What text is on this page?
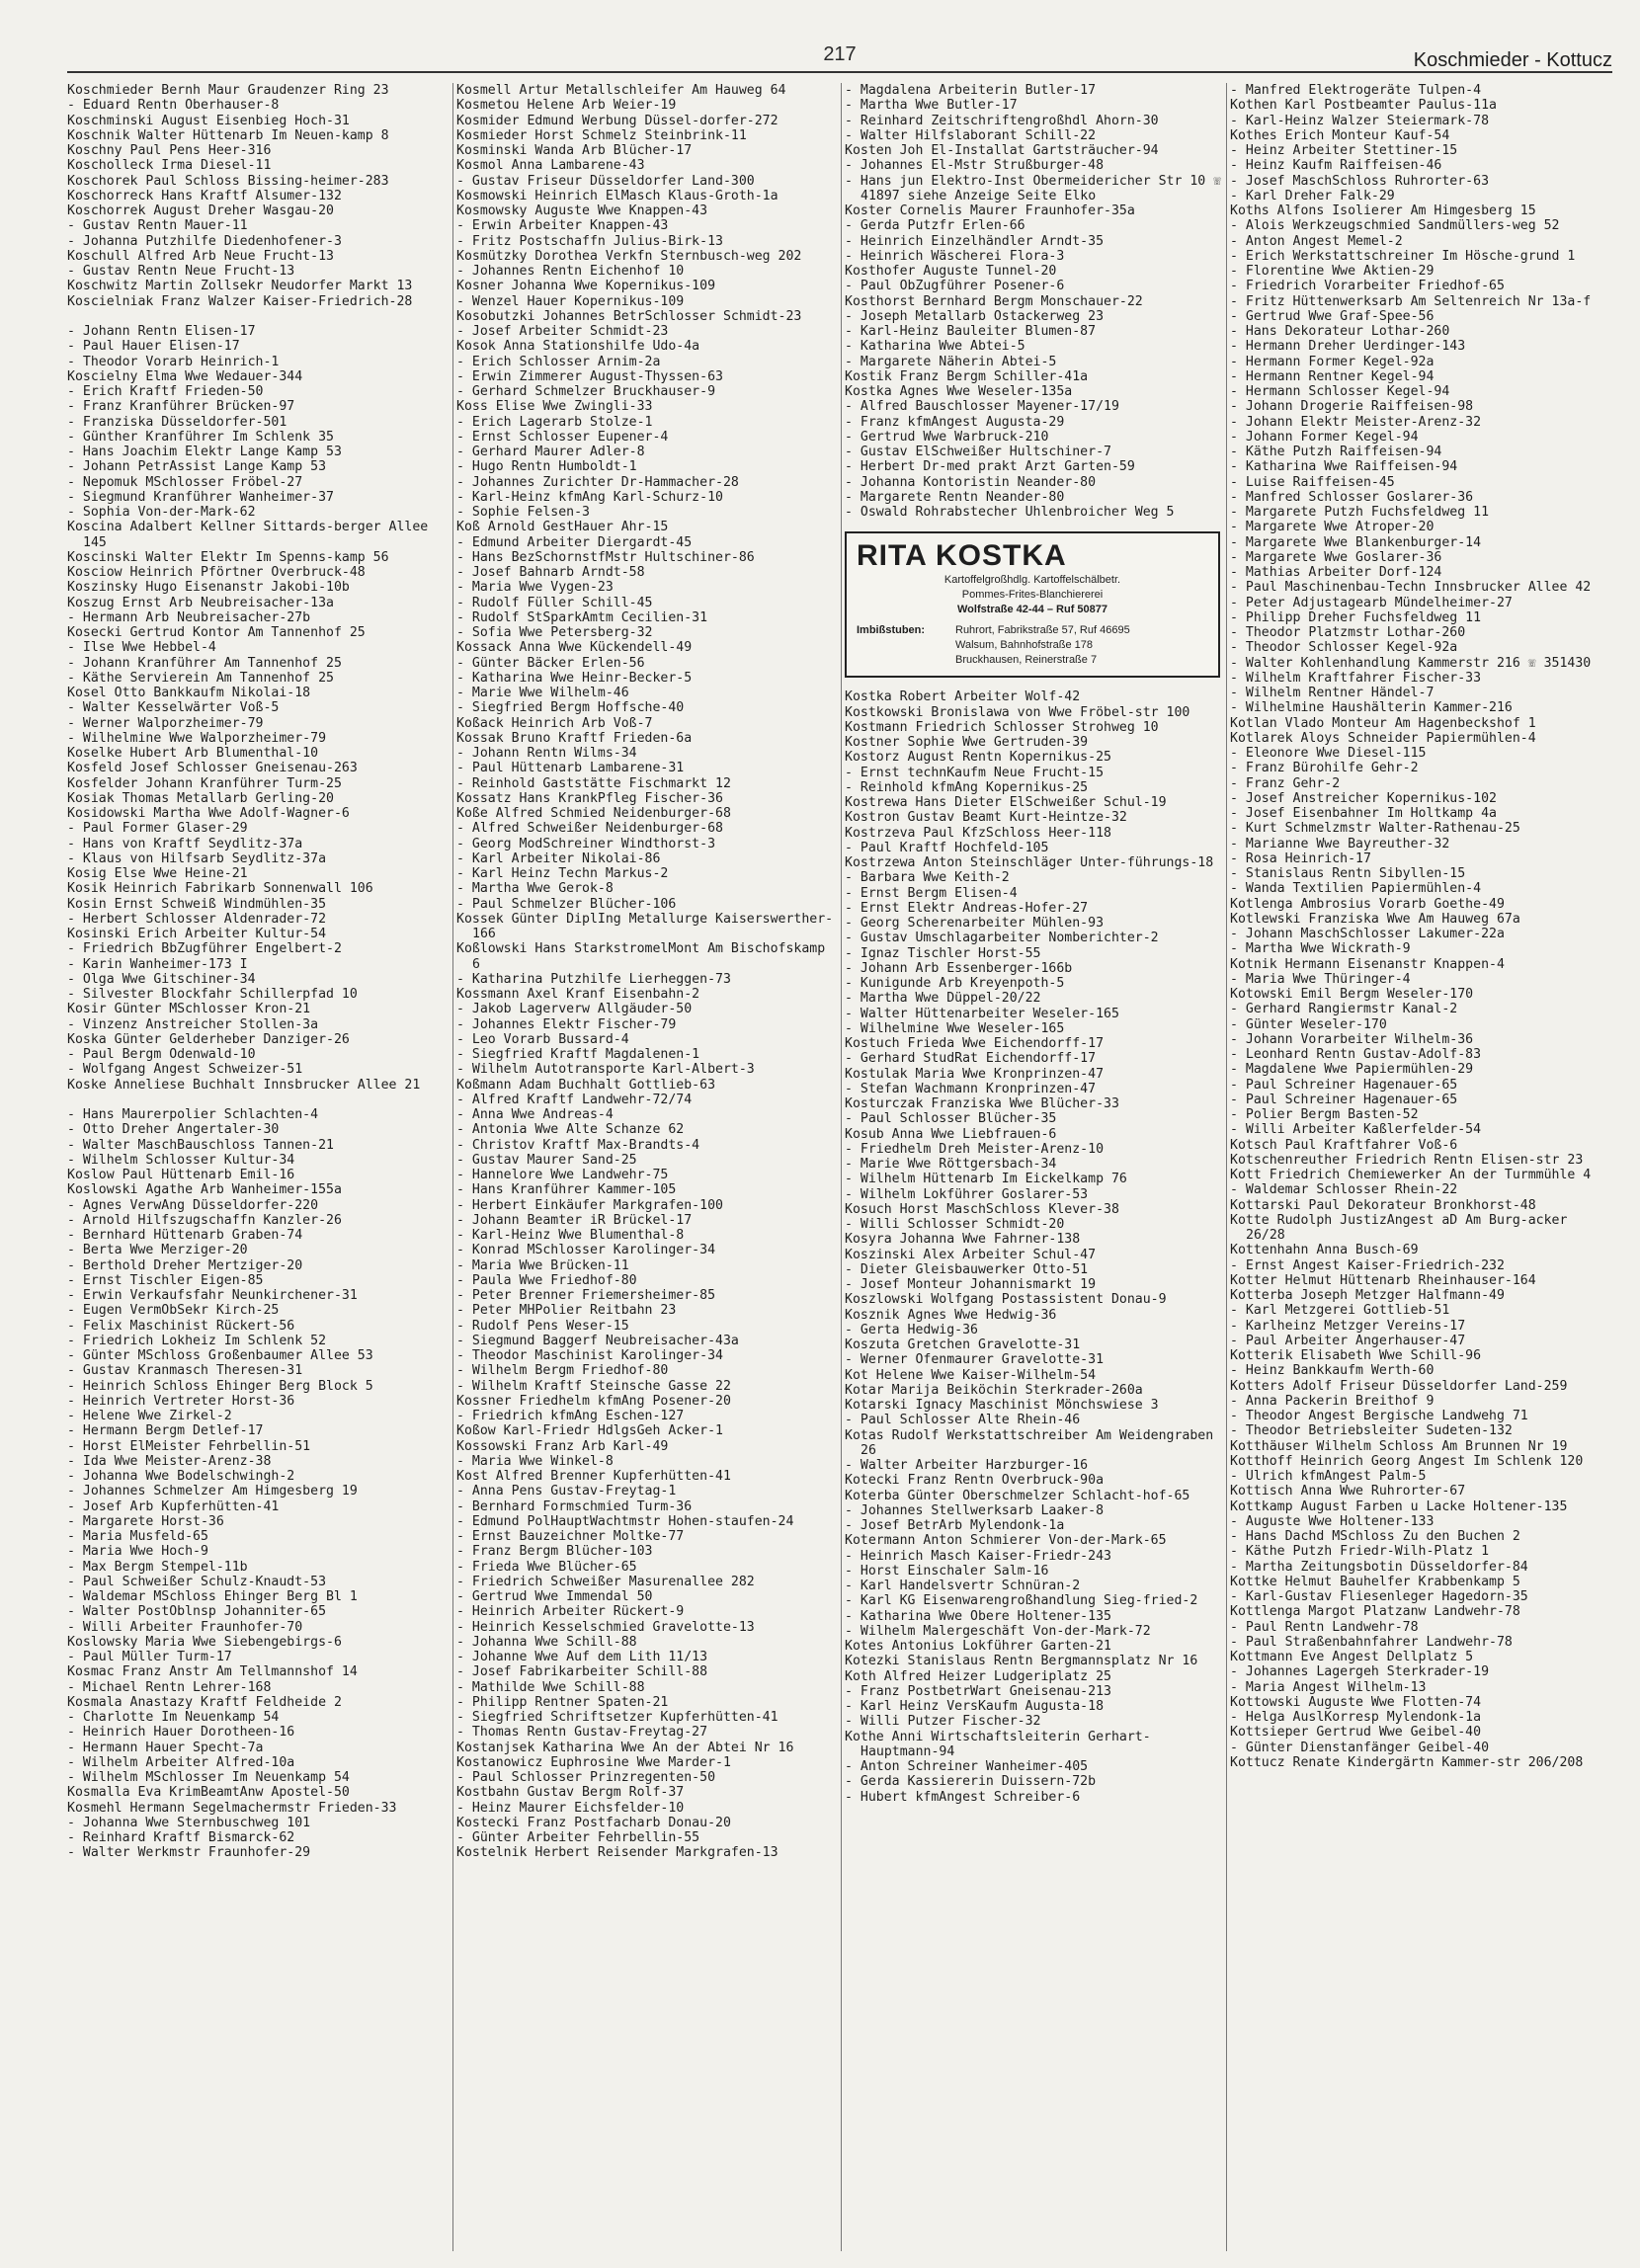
217	Koschmieder - Kottucz

Koschmieder Bernh Maur Graudenzer Ring 23

- Eduard Rentn Oberhauser-8

Koschminski August Eisenbieg Hoch-31

Koschnik Walter Hüttenarb Im Neuen-kamp 8

Koschny Paul Pens Heer-316

Koscholleck Irma Diesel-11

Koschorek Paul Schloss Bissing-heimer-283

Koschorreck Hans Kraftf Alsumer-132

Koschorrek August Dreher Wasgau-20

- Gustav Rentn Mauer-11

- Johanna Putzhilfe Diedenhofener-3

Koschull Alfred Arb Neue Frucht-13

- Gustav Rentn Neue Frucht-13

Koschwitz Martin Zollsekr Neudorfer Markt 13

Koscielniak Franz Walzer Kaiser-Friedrich-28

- Johann Rentn Elisen-17

- Paul Hauer Elisen-17

- Theodor Vorarb Heinrich-1

Koscielny Elma Wwe Wedauer-344

- Erich Kraftf Frieden-50

- Franz Kranführer Brücken-97

- Franziska Düsseldorfer-501

- Günther Kranführer Im Schlenk 35

- Hans Joachim Elektr Lange Kamp 53

- Johann PetrAssist Lange Kamp 53

- Nepomuk MSchlosser Fröbel-27

- Siegmund Kranführer Wanheimer-37

- Sophia Von-der-Mark-62

Koscina Adalbert Kellner Sittards-berger Allee 145

Koscinski Walter Elektr Im Spenns-kamp 56

Kosciow Heinrich Pförtner Overbruck-48

Koszinsky Hugo Eisenanstr Jakobi-10b

Koszug Ernst Arb Neubreisacher-13a

- Hermann Arb Neubreisacher-27b

Kosecki Gertrud Kontor Am Tannenhof 25

- Ilse Wwe Hebbel-4

- Johann Kranführer Am Tannenhof 25

- Käthe Servierein Am Tannenhof 25

Kosel Otto Bankkaufm Nikolai-18

- Walter Kesselwärter Voß-5

- Werner Walporzheimer-79

- Wilhelmine Wwe Walporzheimer-79

Koselke Hubert Arb Blumenthal-10

Kosfeld Josef Schlosser Gneisenau-263

Kosfelder Johann Kranführer Turm-25

Kosiak Thomas Metallarb Gerling-20

Kosidowski Martha Wwe Adolf-Wagner-6

- Paul Former Glaser-29

- Hans von Kraftf Seydlitz-37a

- Klaus von Hilfsarb Seydlitz-37a

Kosig Else Wwe Heine-21

Kosik Heinrich Fabrikarb Sonnenwall 106

Kosin Ernst Schweiß Windmühlen-35

- Herbert Schlosser Aldenrader-72

Kosinski Erich Arbeiter Kultur-54

- Friedrich BbZugführer Engelbert-2

- Karin Wanheimer-173 I

- Olga Wwe Gitschiner-34

- Silvester Blockfahr Schillerpfad 10

Kosir Günter MSchlosser Kron-21

- Vinzenz Anstreicher Stollen-3a

Koska Günter Gelderheber Danziger-26

- Paul Bergm Odenwald-10

- Wolfgang Angest Schweizer-51

Koske Anneliese Buchhalt Innsbrucker Allee 21

- Hans Maurerpolier Schlachten-4

- Otto Dreher Angertaler-30

- Walter MaschBauschloss Tannen-21

- Wilhelm Schlosser Kultur-34

Koslow Paul Hüttenarb Emil-16

Koslowski Agathe Arb Wanheimer-155a

- Agnes VerwAng Düsseldorfer-220

- Arnold Hilfszugschaffn Kanzler-26

- Bernhard Hüttenarb Graben-74

- Berta Wwe Merziger-20

- Berthold Dreher Mertziger-20

- Ernst Tischler Eigen-85

- Erwin Verkaufsfahr Neunkirchener-31

- Eugen VermObSekr Kirch-25

- Felix Maschinist Rückert-56

- Friedrich Lokheiz Im Schlenk 52

- Günter MSchloss Großenbaumer Allee 53

- Gustav Kranmasch Theresen-31

- Heinrich Schloss Ehinger Berg Block 5

- Heinrich Vertreter Horst-36

- Helene Wwe Zirkel-2

- Hermann Bergm Detlef-17

- Horst ElMeister Fehrbellin-51

- Ida Wwe Meister-Arenz-38

- Johanna Wwe Bodelschwingh-2

- Johannes Schmelzer Am Himgesberg 19

- Josef Arb Kupferhütten-41

- Margarete Horst-36

- Maria Musfeld-65

- Maria Wwe Hoch-9

- Max Bergm Stempel-11b

- Paul Schweißer Schulz-Knaudt-53

- Waldemar MSchloss Ehinger Berg Bl 1

- Walter PostOblnsp Johanniter-65

- Willi Arbeiter Fraunhofer-70

Koslowsky Maria Wwe Siebengebirgs-6

- Paul Müller Turm-17

Kosmac Franz Anstr Am Tellmannshof 14

- Michael Rentn Lehrer-168

Kosmala Anastazy Kraftf Feldheide 2

- Charlotte Im Neuenkamp 54

- Heinrich Hauer Dorotheen-16

- Hermann Hauer Specht-7a

- Wilhelm Arbeiter Alfred-10a

- Wilhelm MSchlosser Im Neuenkamp 54

Kosmalla Eva KrimBeamtAnw Apostel-50

Kosmehl Hermann Segelmachermstr Frieden-33

- Johanna Wwe Sternbuschweg 101

- Reinhard Kraftf Bismarck-62

- Walter Werkmstr Fraunhofer-29

Kosmell Artur Metallschleifer Am Hauweg 64

Kosmetou Helene Arb Weier-19

Kosmider Edmund Werbung Düssel-dorfer-272

Kosmieder Horst Schmelz Steinbrink-11

Kosminski Wanda Arb Blücher-17

Kosmol Anna Lambarene-43

- Gustav Friseur Düsseldorfer Land-300

Kosmowski Heinrich ElMasch Klaus-Groth-1a

Kosmowsky Auguste Wwe Knappen-43

- Erwin Arbeiter Knappen-43

- Fritz Postschaffn Julius-Birk-13

Kosmützky Dorothea Verkfn Sternbusch-weg 202

- Johannes Rentn Eichenhof 10

Kosner Johanna Wwe Kopernikus-109

- Wenzel Hauer Kopernikus-109

Kosobutzki Johannes BetrSchlosser Schmidt-23

- Josef Arbeiter Schmidt-23

Kosok Anna Stationshilfe Udo-4a

- Erich Schlosser Arnim-2a

- Erwin Zimmerer August-Thyssen-63

- Gerhard Schmelzer Bruckhauser-9

Koss Elise Wwe Zwingli-33

- Erich Lagerarb Stolze-1

- Ernst Schlosser Eupener-4

- Gerhard Maurer Adler-8

- Hugo Rentn Humboldt-1

- Johannes Zurichter Dr-Hammacher-28

- Karl-Heinz kfmAng Karl-Schurz-10

- Sophie Felsen-3

Koß Arnold GestHauer Ahr-15

- Edmund Arbeiter Diergardt-45

- Hans BezSchornstfMstr Hultschiner-86

- Josef Bahnarb Arndt-58

- Maria Wwe Vygen-23

- Rudolf Füller Schill-45

- Rudolf StSparkAmtm Cecilien-31

- Sofia Wwe Petersberg-32

Kossack Anna Wwe Kückendell-49

- Günter Bäcker Erlen-56

- Katharina Wwe Heinr-Becker-5

- Marie Wwe Wilhelm-46

- Siegfried Bergm Hoffsche-40

Koßack Heinrich Arb Voß-7

Kossak Bruno Kraftf Frieden-6a

- Johann Rentn Wilms-34

- Paul Hüttenarb Lambarene-31

- Reinhold Gaststätte Fischmarkt 12

Kossatz Hans KrankPfleg Fischer-36

Koße Alfred Schmied Neidenburger-68

- Alfred Schweißer Neidenburger-68

- Georg ModSchreiner Windthorst-3

- Karl Arbeiter Nikolai-86

- Karl Heinz Techn Markus-2

- Martha Wwe Gerok-8

- Paul Schmelzer Blücher-106

Kossek Günter DiplIng Metallurge Kaiserswerther-166

Koßlowski Hans StarkstromelMont Am Bischofskamp 6

- Katharina Putzhilfe Lierheggen-73

Kossmann Axel Kranf Eisenbahn-2

- Jakob Lagerverw Allgäuder-50

- Johannes Elektr Fischer-79

- Leo Vorarb Bussard-4

- Siegfried Kraftf Magdalenen-1

- Wilhelm Autotransporte Karl-Albert-3

Koßmann Adam Buchhalt Gottlieb-63

- Alfred Kraftf Landwehr-72/74

- Anna Wwe Andreas-4

- Antonia Wwe Alte Schanze 62

- Christov Kraftf Max-Brandts-4

- Gustav Maurer Sand-25

- Hannelore Wwe Landwehr-75

- Hans Kranführer Kammer-105

- Herbert Einkäufer Markgrafen-100

- Johann Beamter iR Brückel-17

- Karl-Heinz Wwe Blumenthal-8

- Konrad MSchlosser Karolinger-34

- Maria Wwe Brücken-11

- Paula Wwe Friedhof-80

- Peter Brenner Friemersheimer-85

- Peter MHPolier Reitbahn 23

- Rudolf Pens Weser-15

- Siegmund Baggerf Neubreisacher-43a

- Theodor Maschinist Karolinger-34

- Wilhelm Bergm Friedhof-80

- Wilhelm Kraftf Steinsche Gasse 22

Kossner Friedhelm kfmAng Posener-20

- Friedrich kfmAng Eschen-127

Koßow Karl-Friedr HdlgsGeh Acker-1

Kossowski Franz Arb Karl-49

- Maria Wwe Winkel-8

Kost Alfred Brenner Kupferhütten-41

- Anna Pens Gustav-Freytag-1

- Bernhard Formschmied Turm-36

- Edmund PolHauptWachtmstr Hohen-staufen-24

- Ernst Bauzeichner Moltke-77

- Franz Bergm Blücher-103

- Frieda Wwe Blücher-65

- Friedrich Schweißer Masurenallee 282

- Gertrud Wwe Immendal 50

- Heinrich Arbeiter Rückert-9

- Heinrich Kesselschmied Gravelotte-13

- Johanna Wwe Schill-88

- Johanne Wwe Auf dem Lith 11/13

- Josef Fabrikarbeiter Schill-88

- Mathilde Wwe Schill-88

- Philipp Rentner Spaten-21

- Siegfried Schriftsetzer Kupferhütten-41

- Thomas Rentn Gustav-Freytag-27

Kostanjsek Katharina Wwe An der Abtei Nr 16

Kostanowicz Euphrosine Wwe Marder-1

- Paul Schlosser Prinzregenten-50

Kostbahn Gustav Bergm Rolf-37

- Heinz Maurer Eichsfelder-10

Kostecki Franz Postfacharb Donau-20

- Günter Arbeiter Fehrbellin-55

Kostelnik Herbert Reisender Markgrafen-13

- Magdalena Arbeiterin Butler-17

- Martha Wwe Butler-17

- Reinhard Zeitschriftengroßhdl Ahorn-30

- Walter Hilfslaborant Schill-22

Kosten Joh El-Installat Gartsträucher-94

- Johannes El-Mstr Strußburger-48

- Hans jun Elektro-Inst Obermeidericher Str 10 ☏ 41897 siehe Anzeige Seite Elko

Koster Cornelis Maurer Fraunhofer-35a

- Gerda Putzfr Erlen-66

- Heinrich Einzelhändler Arndt-35

- Heinrich Wäscherei Flora-3

Kosthofer Auguste Tunnel-20

- Paul ObZugführer Posener-6

Kosthorst Bernhard Bergm Monschauer-22

- Joseph Metallarb Ostackerweg 23

- Karl-Heinz Bauleiter Blumen-87

- Katharina Wwe Abtei-5

- Margarete Näherin Abtei-5

Kostik Franz Bergm Schiller-41a

Kostka Agnes Wwe Weseler-135a

- Alfred Bauschlosser Mayener-17/19

- Franz kfmAngest Augusta-29

- Gertrud Wwe Warbruck-210

- Gustav ElSchweißer Hultschiner-7

- Herbert Dr-med prakt Arzt Garten-59

- Johanna Kontoristin Neander-80

- Margarete Rentn Neander-80

- Oswald Rohrabstecher Uhlenbroicher Weg 5

RITA KOSTKA
Kartoffelgroßhdlg. Kartoffelschälbetr.
Pommes-Frites-Blanchiererei
Wolfstraße 42-44 – Ruf 50877
Imbißstuben:	Ruhrort, Fabrikstraße 57, Ruf 46695
Walsum, Bahnhofstraße 178
Bruckhausen, Reinerstraße 7

Kostka Robert Arbeiter Wolf-42

Kostkowski Bronislawa von Wwe Fröbel-str 100

Kostmann Friedrich Schlosser Strohweg 10

Kostner Sophie Wwe Gertruden-39

Kostorz August Rentn Kopernikus-25

- Ernst technKaufm Neue Frucht-15

- Reinhold kfmAng Kopernikus-25

Kostrewa Hans Dieter ElSchweißer Schul-19

Kostron Gustav Beamt Kurt-Heintze-32

Kostrzeva Paul KfzSchloss Heer-118

- Paul Kraftf Hochfeld-105

Kostrzewa Anton Steinschläger Unter-führungs-18

- Barbara Wwe Keith-2

- Ernst Bergm Elisen-4

- Ernst Elektr Andreas-Hofer-27

- Georg Scherenarbeiter Mühlen-93

- Gustav Umschlagarbeiter Nomberichter-2

- Ignaz Tischler Horst-55

- Johann Arb Essenberger-166b

- Kunigunde Arb Kreyenpoth-5

- Martha Wwe Düppel-20/22

- Walter Hüttenarbeiter Weseler-165

- Wilhelmine Wwe Weseler-165

Kostuch Frieda Wwe Eichendorff-17

- Gerhard StudRat Eichendorff-17

Kostulak Maria Wwe Kronprinzen-47

- Stefan Wachmann Kronprinzen-47

Kosturczak Franziska Wwe Blücher-33

- Paul Schlosser Blücher-35

Kosub Anna Wwe Liebfrauen-6

- Friedhelm Dreh Meister-Arenz-10

- Marie Wwe Röttgersbach-34

- Wilhelm Hüttenarb Im Eickelkamp 76

- Wilhelm Lokführer Goslarer-53

Kosuch Horst MaschSchloss Klever-38

- Willi Schlosser Schmidt-20

Kosyra Johanna Wwe Fahrner-138

Koszinski Alex Arbeiter Schul-47

- Dieter Gleisbauwerker Otto-51

- Josef Monteur Johannismarkt 19

Koszlowski Wolfgang Postassistent Donau-9

Kosznik Agnes Wwe Hedwig-36

- Gerta Hedwig-36

Koszuta Gretchen Gravelotte-31

- Werner Ofenmaurer Gravelotte-31

Kot Helene Wwe Kaiser-Wilhelm-54

Kotar Marija Beiköchin Sterkrader-260a

Kotarski Ignacy Maschinist Mönchswiese 3

- Paul Schlosser Alte Rhein-46

Kotas Rudolf Werkstattschreiber Am Weidengraben 26

- Walter Arbeiter Harzburger-16

Kotecki Franz Rentn Overbruck-90a

Koterba Günter Oberschmelzer Schlacht-hof-65

- Johannes Stellwerksarb Laaker-8

- Josef BetrArb Mylendonk-1a

Kotermann Anton Schmierer Von-der-Mark-65

- Heinrich Masch Kaiser-Friedr-243

- Horst Einschaler Salm-16

- Karl Handelsvertr Schnüran-2

- Karl KG Eisenwarengroßhandlung Sieg-fried-2

- Katharina Wwe Obere Holtener-135

- Wilhelm Malergeschäft Von-der-Mark-72

Kotes Antonius Lokführer Garten-21

Kotezki Stanislaus Rentn Bergmannsplatz Nr 16

Koth Alfred Heizer Ludgeriplatz 25

- Franz PostbetrWart Gneisenau-213

- Karl Heinz VersKaufm Augusta-18

- Willi Putzer Fischer-32

Kothe Anni Wirtschaftsleiterin Gerhart-Hauptmann-94

- Anton Schreiner Wanheimer-405

- Gerda Kassiererin Duissern-72b

- Hubert kfmAngest Schreiber-6

- Manfred Elektrogeräte Tulpen-4

Kothen Karl Postbeamter Paulus-11a

- Karl-Heinz Walzer Steiermark-78

Kothes Erich Monteur Kauf-54

- Heinz Arbeiter Stettiner-15

- Heinz Kaufm Raiffeisen-46

- Josef MaschSchloss Ruhrorter-63

- Karl Dreher Falk-29

Koths Alfons Isolierer Am Himgesberg 15

- Alois Werkzeugschmied Sandmüllers-weg 52

- Anton Angest Memel-2

- Erich Werkstattschreiner Im Hösche-grund 1

- Florentine Wwe Aktien-29

- Friedrich Vorarbeiter Friedhof-65

- Fritz Hüttenwerksarb Am Seltenreich Nr 13a-f

- Gertrud Wwe Graf-Spee-56

- Hans Dekorateur Lothar-260

- Hermann Dreher Uerdinger-143

- Hermann Former Kegel-92a

- Hermann Rentner Kegel-94

- Hermann Schlosser Kegel-94

- Johann Drogerie Raiffeisen-98

- Johann Elektr Meister-Arenz-32

- Johann Former Kegel-94

- Käthe Putzh Raiffeisen-94

- Katharina Wwe Raiffeisen-94

- Luise Raiffeisen-45

- Manfred Schlosser Goslarer-36

- Margarete Putzh Fuchsfeldweg 11

- Margarete Wwe Atroper-20

- Margarete Wwe Blankenburger-14

- Margarete Wwe Goslarer-36

- Mathias Arbeiter Dorf-124

- Paul Maschinenbau-Techn Innsbrucker Allee 42

- Peter Adjustagearb Mündelheimer-27

- Philipp Dreher Fuchsfeldweg 11

- Theodor Platzmstr Lothar-260

- Theodor Schlosser Kegel-92a

- Walter Kohlenhandlung Kammerstr 216 ☏ 351430

- Wilhelm Kraftfahrer Fischer-33

- Wilhelm Rentner Händel-7

- Wilhelmine Haushälterin Kammer-216

Kotlan Vlado Monteur Am Hagenbeckshof 1

Kotlarek Aloys Schneider Papiermühlen-4

- Eleonore Wwe Diesel-115

- Franz Bürohilfe Gehr-2

- Franz Gehr-2

- Josef Anstreicher Kopernikus-102

- Josef Eisenbahner Im Holtkamp 4a

- Kurt Schmelzmstr Walter-Rathenau-25

- Marianne Wwe Bayreuther-32

- Rosa Heinrich-17

- Stanislaus Rentn Sibyllen-15

- Wanda Textilien Papiermühlen-4

Kotlenga Ambrosius Vorarb Goethe-49

Kotlewski Franziska Wwe Am Hauweg 67a

- Johann MaschSchlosser Lakumer-22a

- Martha Wwe Wickrath-9

Kotnik Hermann Eisenanstr Knappen-4

- Maria Wwe Thüringer-4

Kotowski Emil Bergm Weseler-170

- Gerhard Rangiermstr Kanal-2

- Günter Weseler-170

- Johann Vorarbeiter Wilhelm-36

- Leonhard Rentn Gustav-Adolf-83

- Magdalene Wwe Papiermühlen-29

- Paul Schreiner Hagenauer-65

- Paul Schreiner Hagenauer-65

- Polier Bergm Basten-52

- Willi Arbeiter Kaßlerfelder-54

Kotsch Paul Kraftfahrer Voß-6

Kotschenreuther Friedrich Rentn Elisen-str 23

Kott Friedrich Chemiewerker An der Turmmühle 4

- Waldemar Schlosser Rhein-22

Kottarski Paul Dekorateur Bronkhorst-48

Kotte Rudolph JustizAngest aD Am Burg-acker 26/28

Kottenhahn Anna Busch-69

- Ernst Angest Kaiser-Friedrich-232

Kotter Helmut Hüttenarb Rheinhauser-164

Kotterba Joseph Metzger Halfmann-49

- Karl Metzgerei Gottlieb-51

- Karlheinz Metzger Vereins-17

- Paul Arbeiter Angerhauser-47

Kotterik Elisabeth Wwe Schill-96

- Heinz Bankkaufm Werth-60

Kotters Adolf Friseur Düsseldorfer Land-259

- Anna Packerin Breithof 9

- Theodor Angest Bergische Landwehg 71

- Theodor Betriebsleiter Sudeten-132

Kotthäuser Wilhelm Schloss Am Brunnen Nr 19

Kotthoff Heinrich Georg Angest Im Schlenk 120

- Ulrich kfmAngest Palm-5

Kottisch Anna Wwe Ruhrorter-67

Kottkamp August Farben u Lacke Holtener-135

- Auguste Wwe Holtener-133

- Hans Dachd MSchloss Zu den Buchen 2

- Käthe Putzh Friedr-Wilh-Platz 1

- Martha Zeitungsbotin Düsseldorfer-84

Kottke Helmut Bauhelfer Krabbenkamp 5

- Karl-Gustav Fliesenleger Hagedorn-35

Kottlenga Margot Platzanw Landwehr-78

- Paul Rentn Landwehr-78

- Paul Straßenbahnfahrer Landwehr-78

Kottmann Eve Angest Dellplatz 5

- Johannes Lagergeh Sterkrader-19

- Maria Angest Wilhelm-13

Kottowski Auguste Wwe Flotten-74

- Helga AuslKorresp Mylendonk-1a

Kottsieper Gertrud Wwe Geibel-40

- Günter Dienstanfänger Geibel-40

Kottucz Renate Kindergärtn Kammer-str 206/208
